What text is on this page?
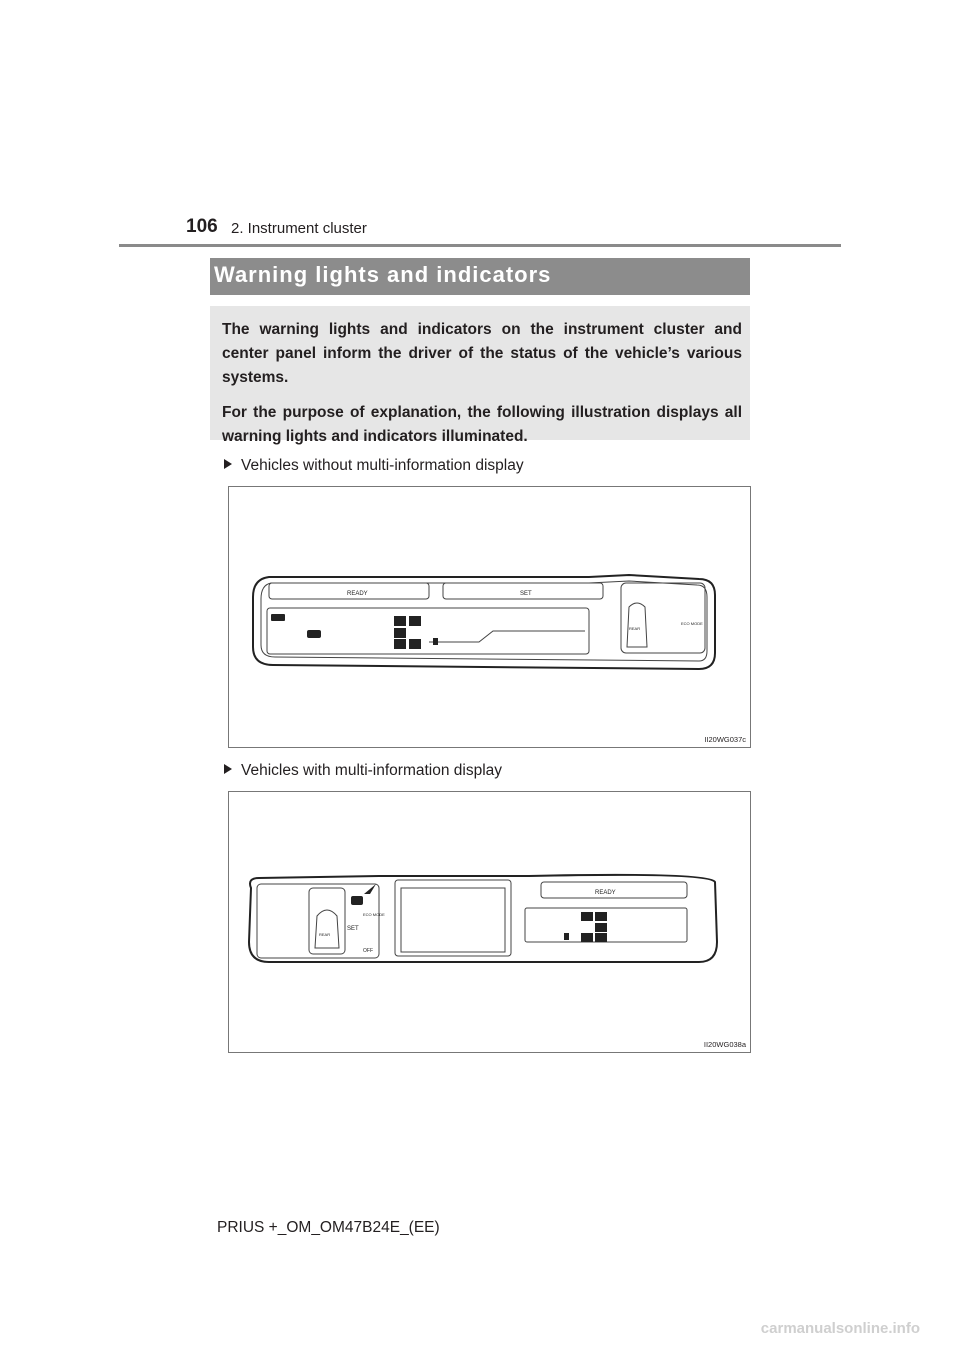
106 2. Instrument cluster
Warning lights and indicators

The warning lights and indicators on the instrument cluster and center panel inform the driver of the status of the vehicle’s various systems.

For the purpose of explanation, the following illustration displays all warning lights and indicators illuminated.

Vehicles without multi-information display
READY	SET
REAR
ECO MODE
II20WG037c
Vehicles with multi-information display
READY
SET
REAR
ECO MODE
OFF
II20WG038a
PRIUS +_OM_OM47B24E_(EE)
carmanualsonline.info
